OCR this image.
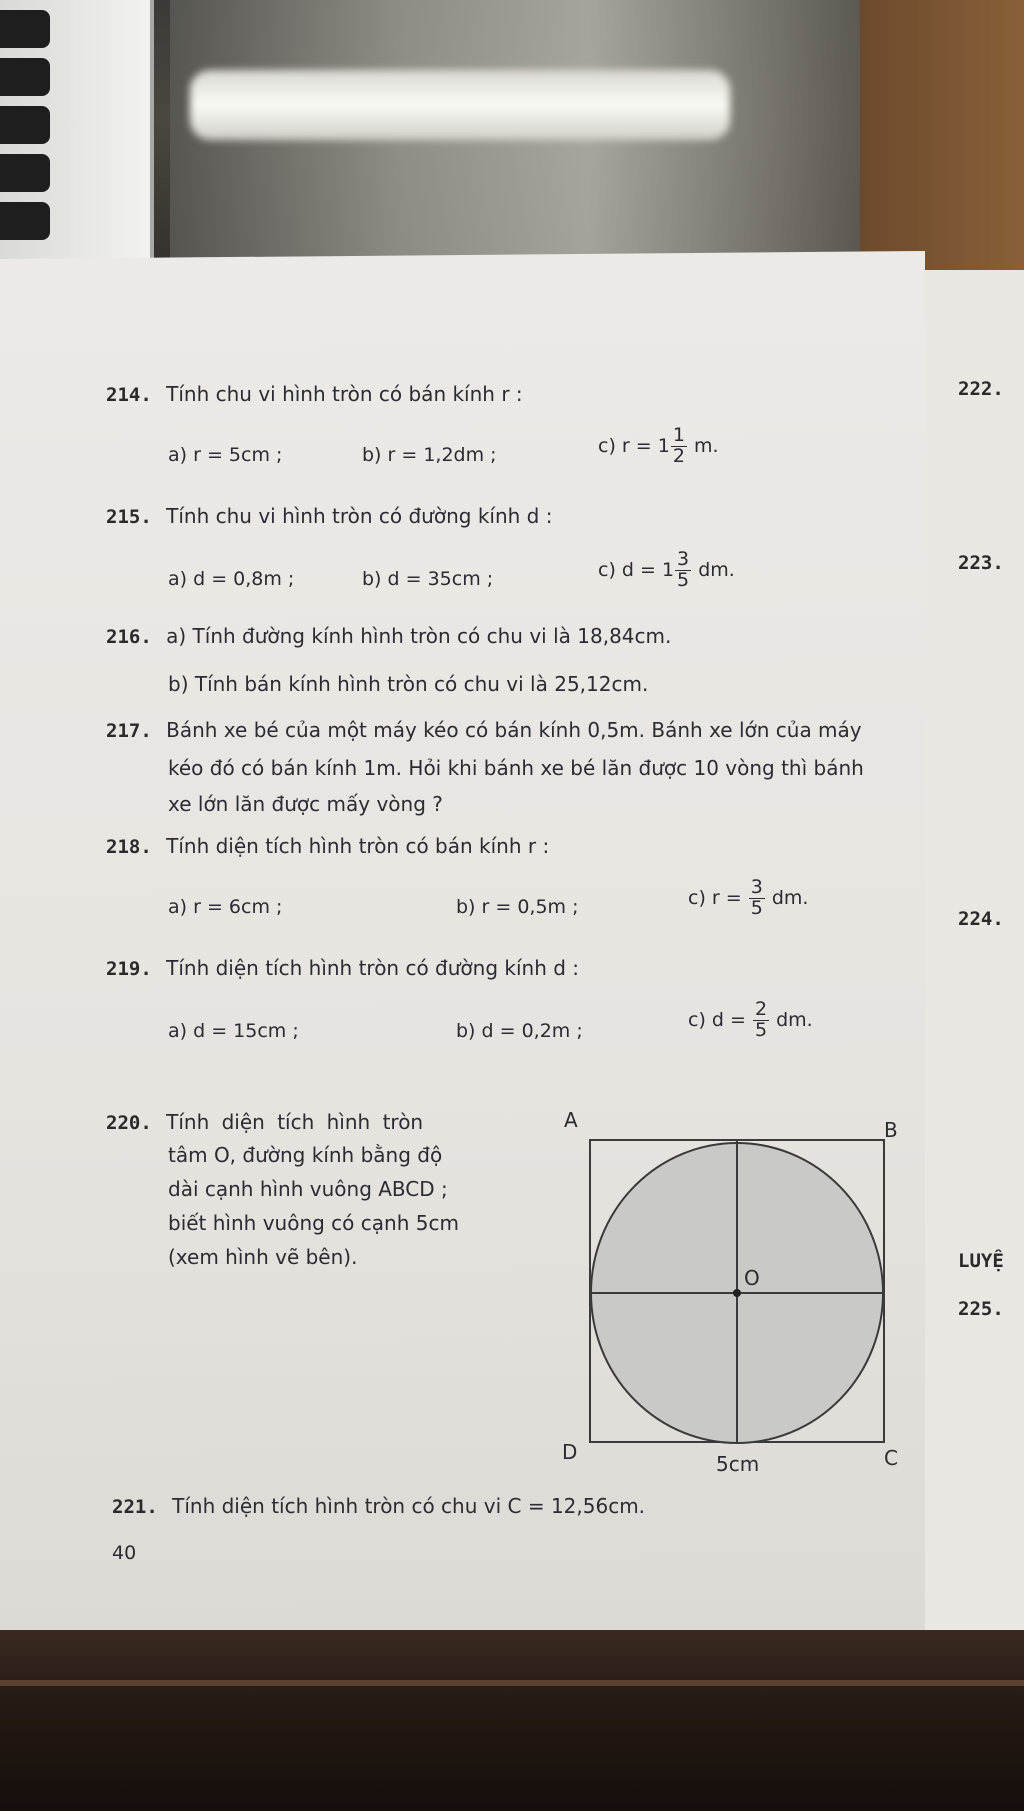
214. Tính chu vi hình tròn có bán kính r :
a) r = 5cm ;	b) r = 1,2dm ;	c) $r = 1 \frac{1}{2} m$.
215. Tính chu vi hình tròn có đường kính d :
a) d = 0,8m ;	b) d = 35cm ;	c) $d = 1 \frac{3}{5}$ dm.
216. a) Tính đường kính hình tròn có chu vi là 18,84cm.
b) Tính bán kính hình tròn có chu vi là 25,12cm.
217. Bánh xe bé của một máy kéo có bán kính 0,5m. Bánh xe lớn của máy
kéo đó có bán kính 1m. Hỏi khi bánh xe bé lăn được 10 vòng thì bánh
xe lớn lăn được mấy vòng ?
218. Tính diện tích hình tròn có bán kính r :
a) r = 6cm ;	b) r = 0,5m ;	c) $r = \frac{3}{5}$ dm.
219. Tính diện tích hình tròn có đường kính d :
a) d = 15cm ;	b) d = 0,2m ;
c) $d = \frac{2}{5}$ dm.
220. Tính diện tích hình tròn
tâm O, đường kính bằng độ
dài cạnh hình vuông ABCD ;
biết hình vuông có cạnh 5cm
(xem hình vẽ bên).
A	B
C
D
O
5cm
221. Tính diện tích hình tròn có chu vi C = 12,56cm.
40
222.
223.
224.
LUYỆ
225.
